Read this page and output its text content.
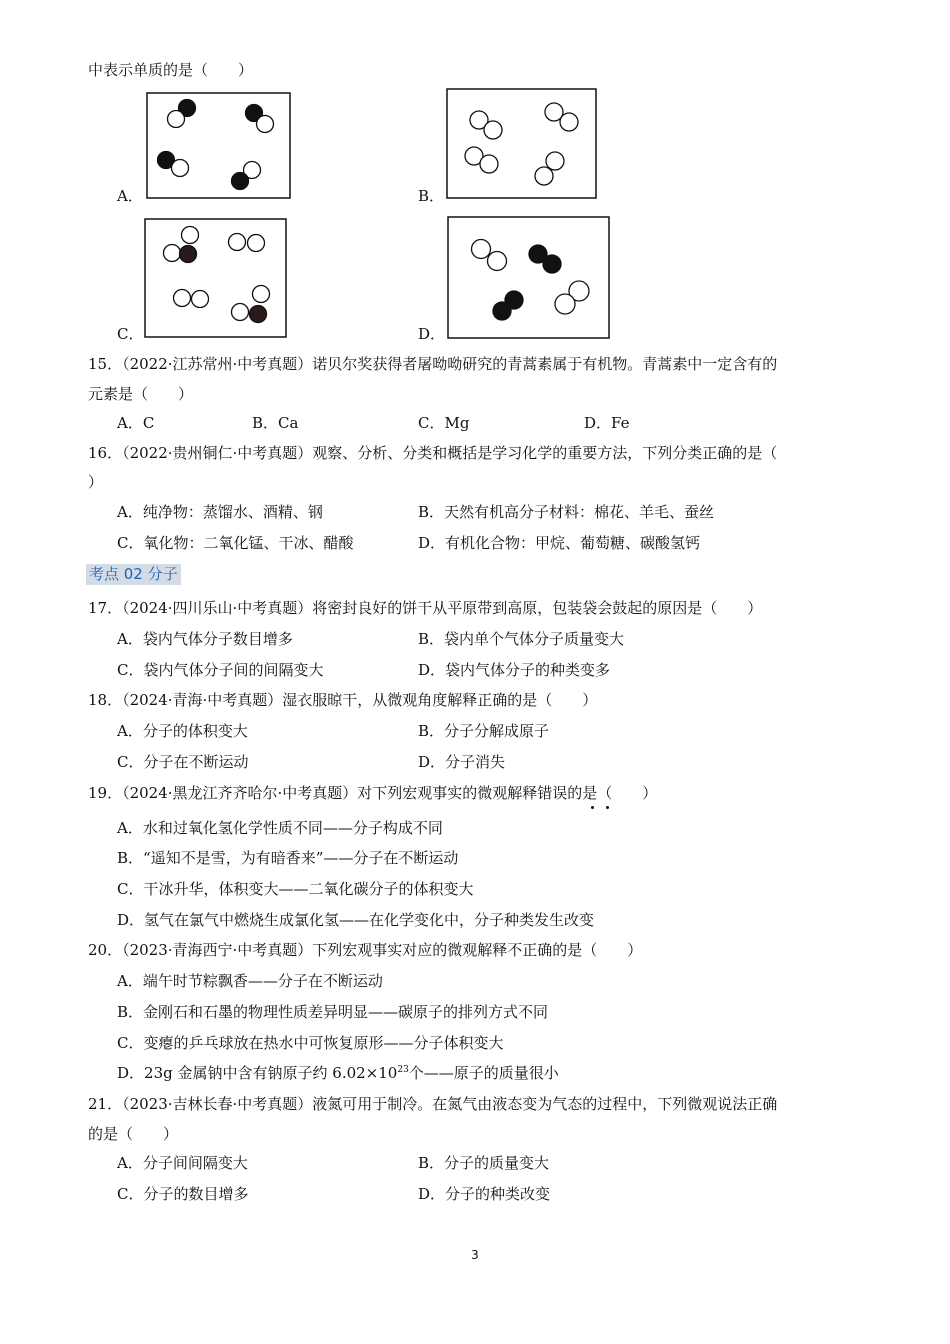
中表示单质的是（　　）
A．	B．
C．	D．
15．（2022·江苏常州·中考真题）诺贝尔奖获得者屠呦呦研究的青蒿素属于有机物。青蒿素中一定含有的
元素是（　　）
A．C	B．Ca	C．Mg	D．Fe
16．（2022·贵州铜仁·中考真题）观察、分析、分类和概括是学习化学的重要方法，下列分类正确的是（
）
A．纯净物：蒸馏水、酒精、钢	B．天然有机高分子材料：棉花、羊毛、蚕丝
C．氧化物：二氧化锰、干冰、醋酸	D．有机化合物：甲烷、葡萄糖、碳酸氢钙
考点 02 分子
17．（2024·四川乐山·中考真题）将密封良好的饼干从平原带到高原，包装袋会鼓起的原因是（　　）
A．袋内气体分子数目增多	B．袋内单个气体分子质量变大
C．袋内气体分子间的间隔变大	D．袋内气体分子的种类变多
18．（2024·青海·中考真题）湿衣服晾干，从微观角度解释正确的是（　　）
A．分子的体积变大	B．分子分解成原子
C．分子在不断运动	D．分子消失
19．（2024·黑龙江齐齐哈尔·中考真题）对下列宏观事实的微观解释错误的是（　　）
A．水和过氧化氢化学性质不同——分子构成不同
B．“遥知不是雪，为有暗香来”——分子在不断运动
C．干冰升华，体积变大——二氧化碳分子的体积变大
D．氢气在氯气中燃烧生成氯化氢——在化学变化中，分子种类发生改变
20．（2023·青海西宁·中考真题）下列宏观事实对应的微观解释不正确的是（　　）
A．端午时节粽飘香——分子在不断运动
B．金刚石和石墨的物理性质差异明显——碳原子的排列方式不同
C．变瘪的乒乓球放在热水中可恢复原形——分子体积变大
D．23g 金属钠中含有钠原子约 $6.02\times 10^{23}$个——原子的质量很小
21．（2023·吉林长春·中考真题）液氮可用于制冷。在氮气由液态变为气态的过程中，下列微观说法正确
的是（　　）
A．分子间间隔变大	B．分子的质量变大
C．分子的数目增多	D．分子的种类改变
3
